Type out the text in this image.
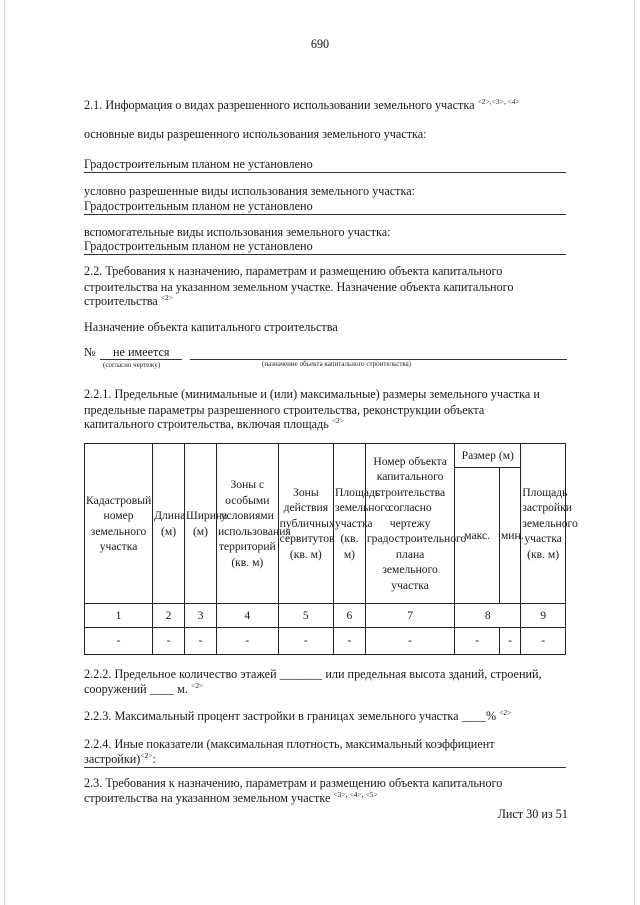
690
2.1. Информация о видах разрешенного использовании земельного участка $^{<2>,<3>, <4>}$
основные виды разрешенного использования земельного участка:
Градостроительным планом не установлено
условно разрешенные виды использования земельного участка:
Градостроительным планом не установлено
вспомогательные виды использования земельного участка:
Градостроительным планом не установлено
2.2. Требования к назначению, параметрам и размещению объекта капитального
строительства на указанном земельном участке. Назначение объекта капитального
строительства $^{<2>}$
Назначение объекта капитального строительства
№ не имеется
(согласно чертежу)	(назначение объекта капитального строительства)
2.2.1. Предельные (минимальные и (или) максимальные) размеры земельного участка и
предельные параметры разрешенного строительства, реконструкции объекта
капитального строительства, включая площадь $^{<2>}$
Кадастровый номер земельного участка	Длина (м)	Ширина (м)	Зоны с особыми условиями использования территорий (кв. м)	Зоны действия публичных сервитутов (кв. м)	Площадь земельного участка (кв. м)	Номер объекта капитального строительства согласно чертежу градостроительного плана земельного участка	Размер (м)		Площадь застройки земельного участка (кв. м)
							макс.	мин.	
1	2	3	4	5	6	7	8		9
-	-	-	-	-	-	-	-	-	-
2.2.2. Предельное количество этажей _______ или предельная высота зданий, строений,
сооружений ____ м. $^{<2>}$
2.2.3. Максимальный процент застройки в границах земельного участка ____% $^{<2>}$
2.2.4. Иные показатели (максимальная плотность, максимальный коэффициент
застройки)$^{<2>}$:
2.3. Требования к назначению, параметрам и размещению объекта капитального
строительства на указанном земельном участке $^{<3>, <4>, <5>}$
Лист 30 из 51
